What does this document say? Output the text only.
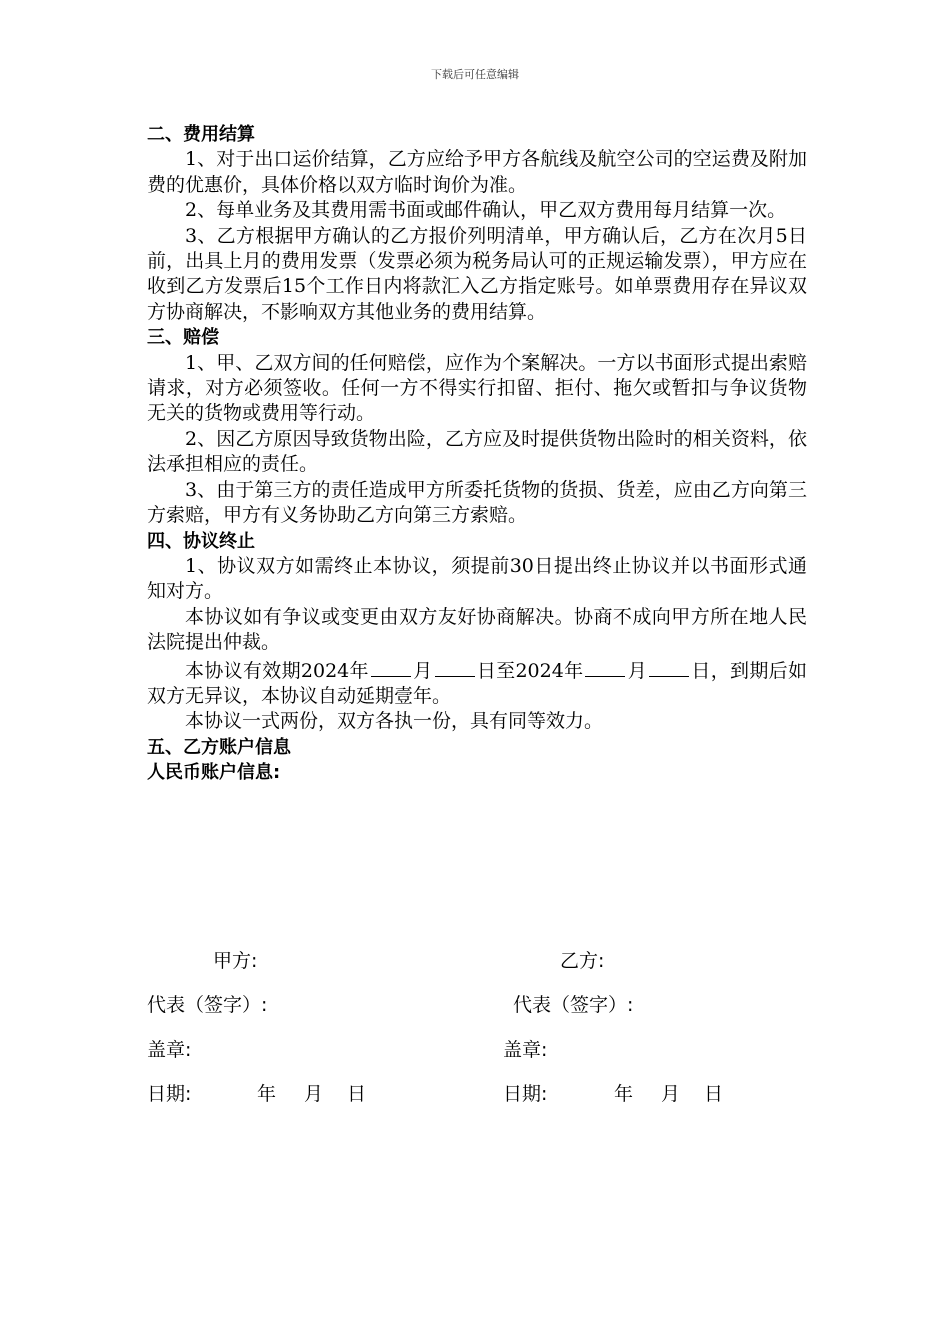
下载后可任意编辑
二、费用结算

1、对于出口运价结算，乙方应给予甲方各航线及航空公司的空运费及附加费的优惠价，具体价格以双方临时询价为准。

2、每单业务及其费用需书面或邮件确认，甲乙双方费用每月结算一次。

3、乙方根据甲方确认的乙方报价列明清单，甲方确认后，乙方在次月5日前，出具上月的费用发票（发票必须为税务局认可的正规运输发票），甲方应在收到乙方发票后15个工作日内将款汇入乙方指定账号。如单票费用存在异议双方协商解决，不影响双方其他业务的费用结算。

三、赔偿

1、甲、乙双方间的任何赔偿，应作为个案解决。一方以书面形式提出索赔请求，对方必须签收。任何一方不得实行扣留、拒付、拖欠或暂扣与争议货物无关的货物或费用等行动。

2、因乙方原因导致货物出险，乙方应及时提供货物出险时的相关资料，依法承担相应的责任。

3、由于第三方的责任造成甲方所委托货物的货损、货差，应由乙方向第三方索赔，甲方有义务协助乙方向第三方索赔。

四、协议终止

1、协议双方如需终止本协议，须提前30日提出终止协议并以书面形式通知对方。

本协议如有争议或变更由双方友好协商解决。协商不成向甲方所在地人民法院提出仲裁。

本协议有效期2024年 月 日至2024年 月 日，到期后如双方无异议，本协议自动延期壹年。

本协议一式两份，双方各执一份，具有同等效力。

五、乙方账户信息
人民币账户信息:
甲方:	乙方:
代表（签字）:	代表（签字）:
盖章:	盖章:
日期:	年 月 日	日期:	年 月 日
